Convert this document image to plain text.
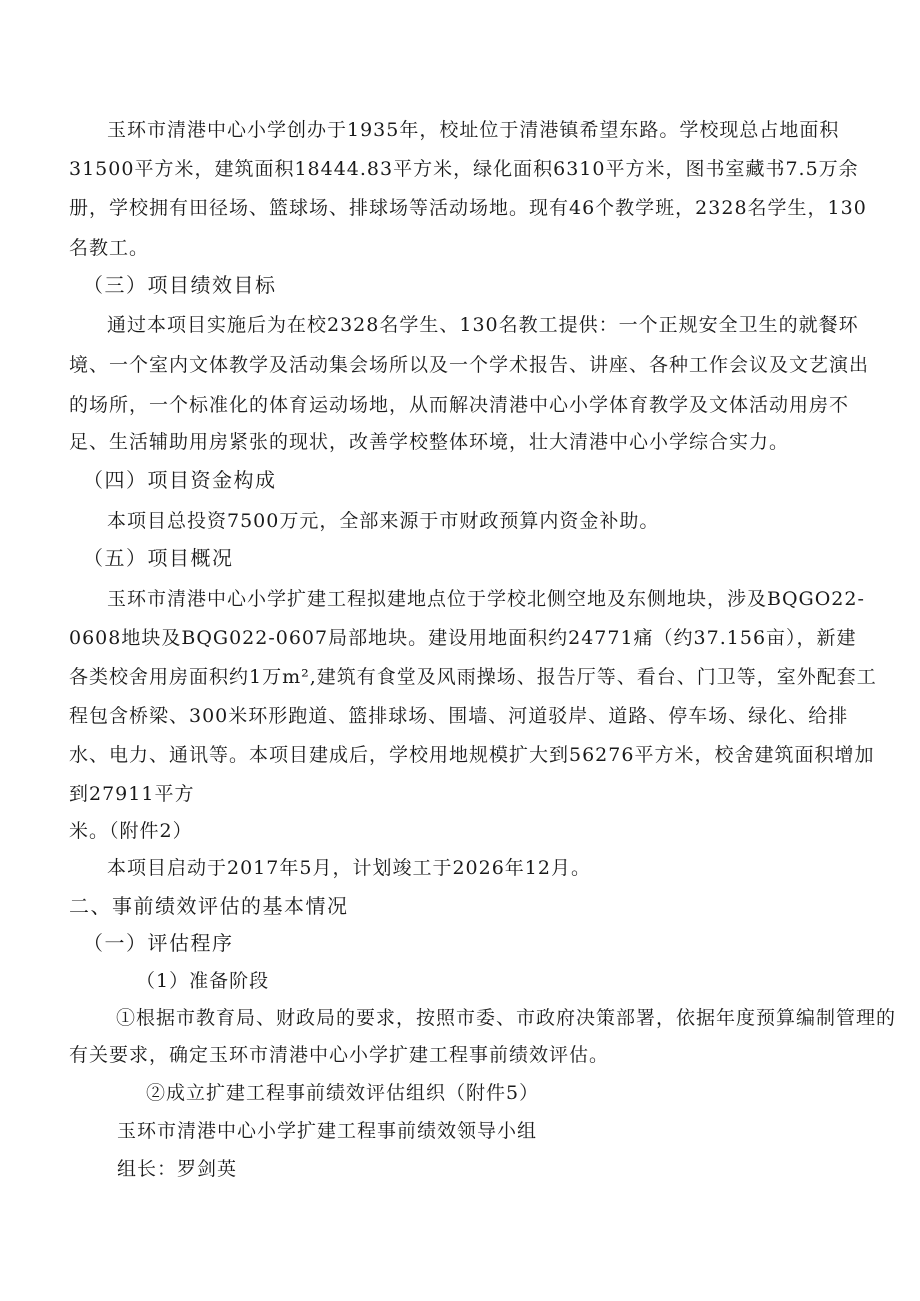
玉环市清港中心小学创办于1935年，校址位于清港镇希望东路。学校现总占地面积
31500平方米，建筑面积18444.83平方米，绿化面积6310平方米，图书室藏书7.5万余
册，学校拥有田径场、篮球场、排球场等活动场地。现有46个教学班，2328名学生，130
名教工。
（三）项目绩效目标
通过本项目实施后为在校2328名学生、130名教工提供：一个正规安全卫生的就餐环
境、一个室内文体教学及活动集会场所以及一个学术报告、讲座、各种工作会议及文艺演出
的场所，一个标准化的体育运动场地，从而解决清港中心小学体育教学及文体活动用房不
足、生活辅助用房紧张的现状，改善学校整体环境，壮大清港中心小学综合实力。
（四）项目资金构成
本项目总投资7500万元，全部来源于市财政预算内资金补助。
（五）项目概况
玉环市清港中心小学扩建工程拟建地点位于学校北侧空地及东侧地块，涉及BQGO22-
0608地块及BQG022-0607局部地块。建设用地面积约24771痛（约37.156亩），新建
各类校舍用房面积约1万m²,建筑有食堂及风雨操场、报告厅等、看台、门卫等，室外配套工
程包含桥梁、300米环形跑道、篮排球场、围墙、河道驳岸、道路、停车场、绿化、给排
水、电力、通讯等。本项目建成后，学校用地规模扩大到56276平方米，校舍建筑面积增加
到27911平方
米。（附件2）
本项目启动于2017年5月，计划竣工于2026年12月。
二、事前绩效评估的基本情况
（一）评估程序
（1）准备阶段
①根据市教育局、财政局的要求，按照市委、市政府决策部署，依据年度预算编制管理的
有关要求，确定玉环市清港中心小学扩建工程事前绩效评估。
②成立扩建工程事前绩效评估组织（附件5）
玉环市清港中心小学扩建工程事前绩效领导小组
组长：罗剑英
